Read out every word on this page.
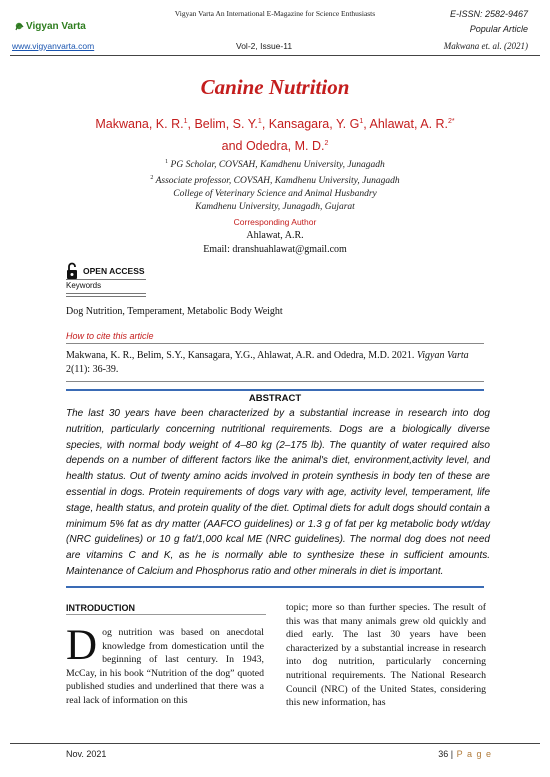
Vigyan Varta An International E-Magazine for Science Enthusiasts	E-ISSN: 2582-9467
Vigyan Varta	Popular Article
www.vigyanvarta.com	Vol-2, Issue-11	Makwana et. al. (2021)
Canine Nutrition
Makwana, K. R.$^1$, Belim, S. Y.$^1$, Kansagara, Y. $G^1$, Ahlawat, A. R.$^{2*}$
and Odedra, M. D.$^2$
$^1$ PG Scholar, COVSAH, Kamdhenu University, Junagadh
$^2$ Associate professor, COVSAH, Kamdhenu University, Junagadh
College of Veterinary Science and Animal Husbandry
Kamdhenu University, Junagadh, Gujarat
Corresponding Author
Ahlawat, A.R.
Email: dranshuahlawat@gmail.com
OPEN ACCESS
Keywords
Dog Nutrition, Temperament, Metabolic Body Weight
How to cite this article
Makwana, K. R., Belim, S.Y., Kansagara, Y.G., Ahlawat, A.R. and Odedra, M.D. 2021. Vigyan Varta 2(11): 36-39.
ABSTRACT
The last 30 years have been characterized by a substantial increase in research into dog nutrition, particularly concerning nutritional requirements. Dogs are a biologically diverse species, with normal body weight of 4–80 kg (2–175 lb). The quantity of water required also depends on a number of different factors like the animal's diet, environment,activity level, and health status. Out of twenty amino acids involved in protein synthesis in body ten of these are essential in dogs. Protein requirements of dogs vary with age, activity level, temperament, life stage, health status, and protein quality of the diet. Optimal diets for adult dogs should contain a minimum 5% fat as dry matter (AAFCO guidelines) or 1.3 g of fat per kg metabolic body wt/day (NRC guidelines) or 10 g fat/1,000 kcal ME (NRC guidelines). The normal dog does not need are vitamins C and K, as he is normally able to synthesize these in sufficient amounts. Maintenance of Calcium and Phosphorus ratio and other minerals in diet is important.
INTRODUCTION
Dog nutrition was based on anecdotal knowledge from domestication until the beginning of last century. In 1943, McCay, in his book “Nutrition of the dog” quoted published studies and underlined that there was a real lack of information on this
topic; more so than further species. The result of this was that many animals grew old quickly and died early. The last 30 years have been characterized by a substantial increase in research into dog nutrition, particularly concerning nutritional requirements. The National Research Council (NRC) of the United States, considering this new information, has
Nov. 2021	36 | P a g e
